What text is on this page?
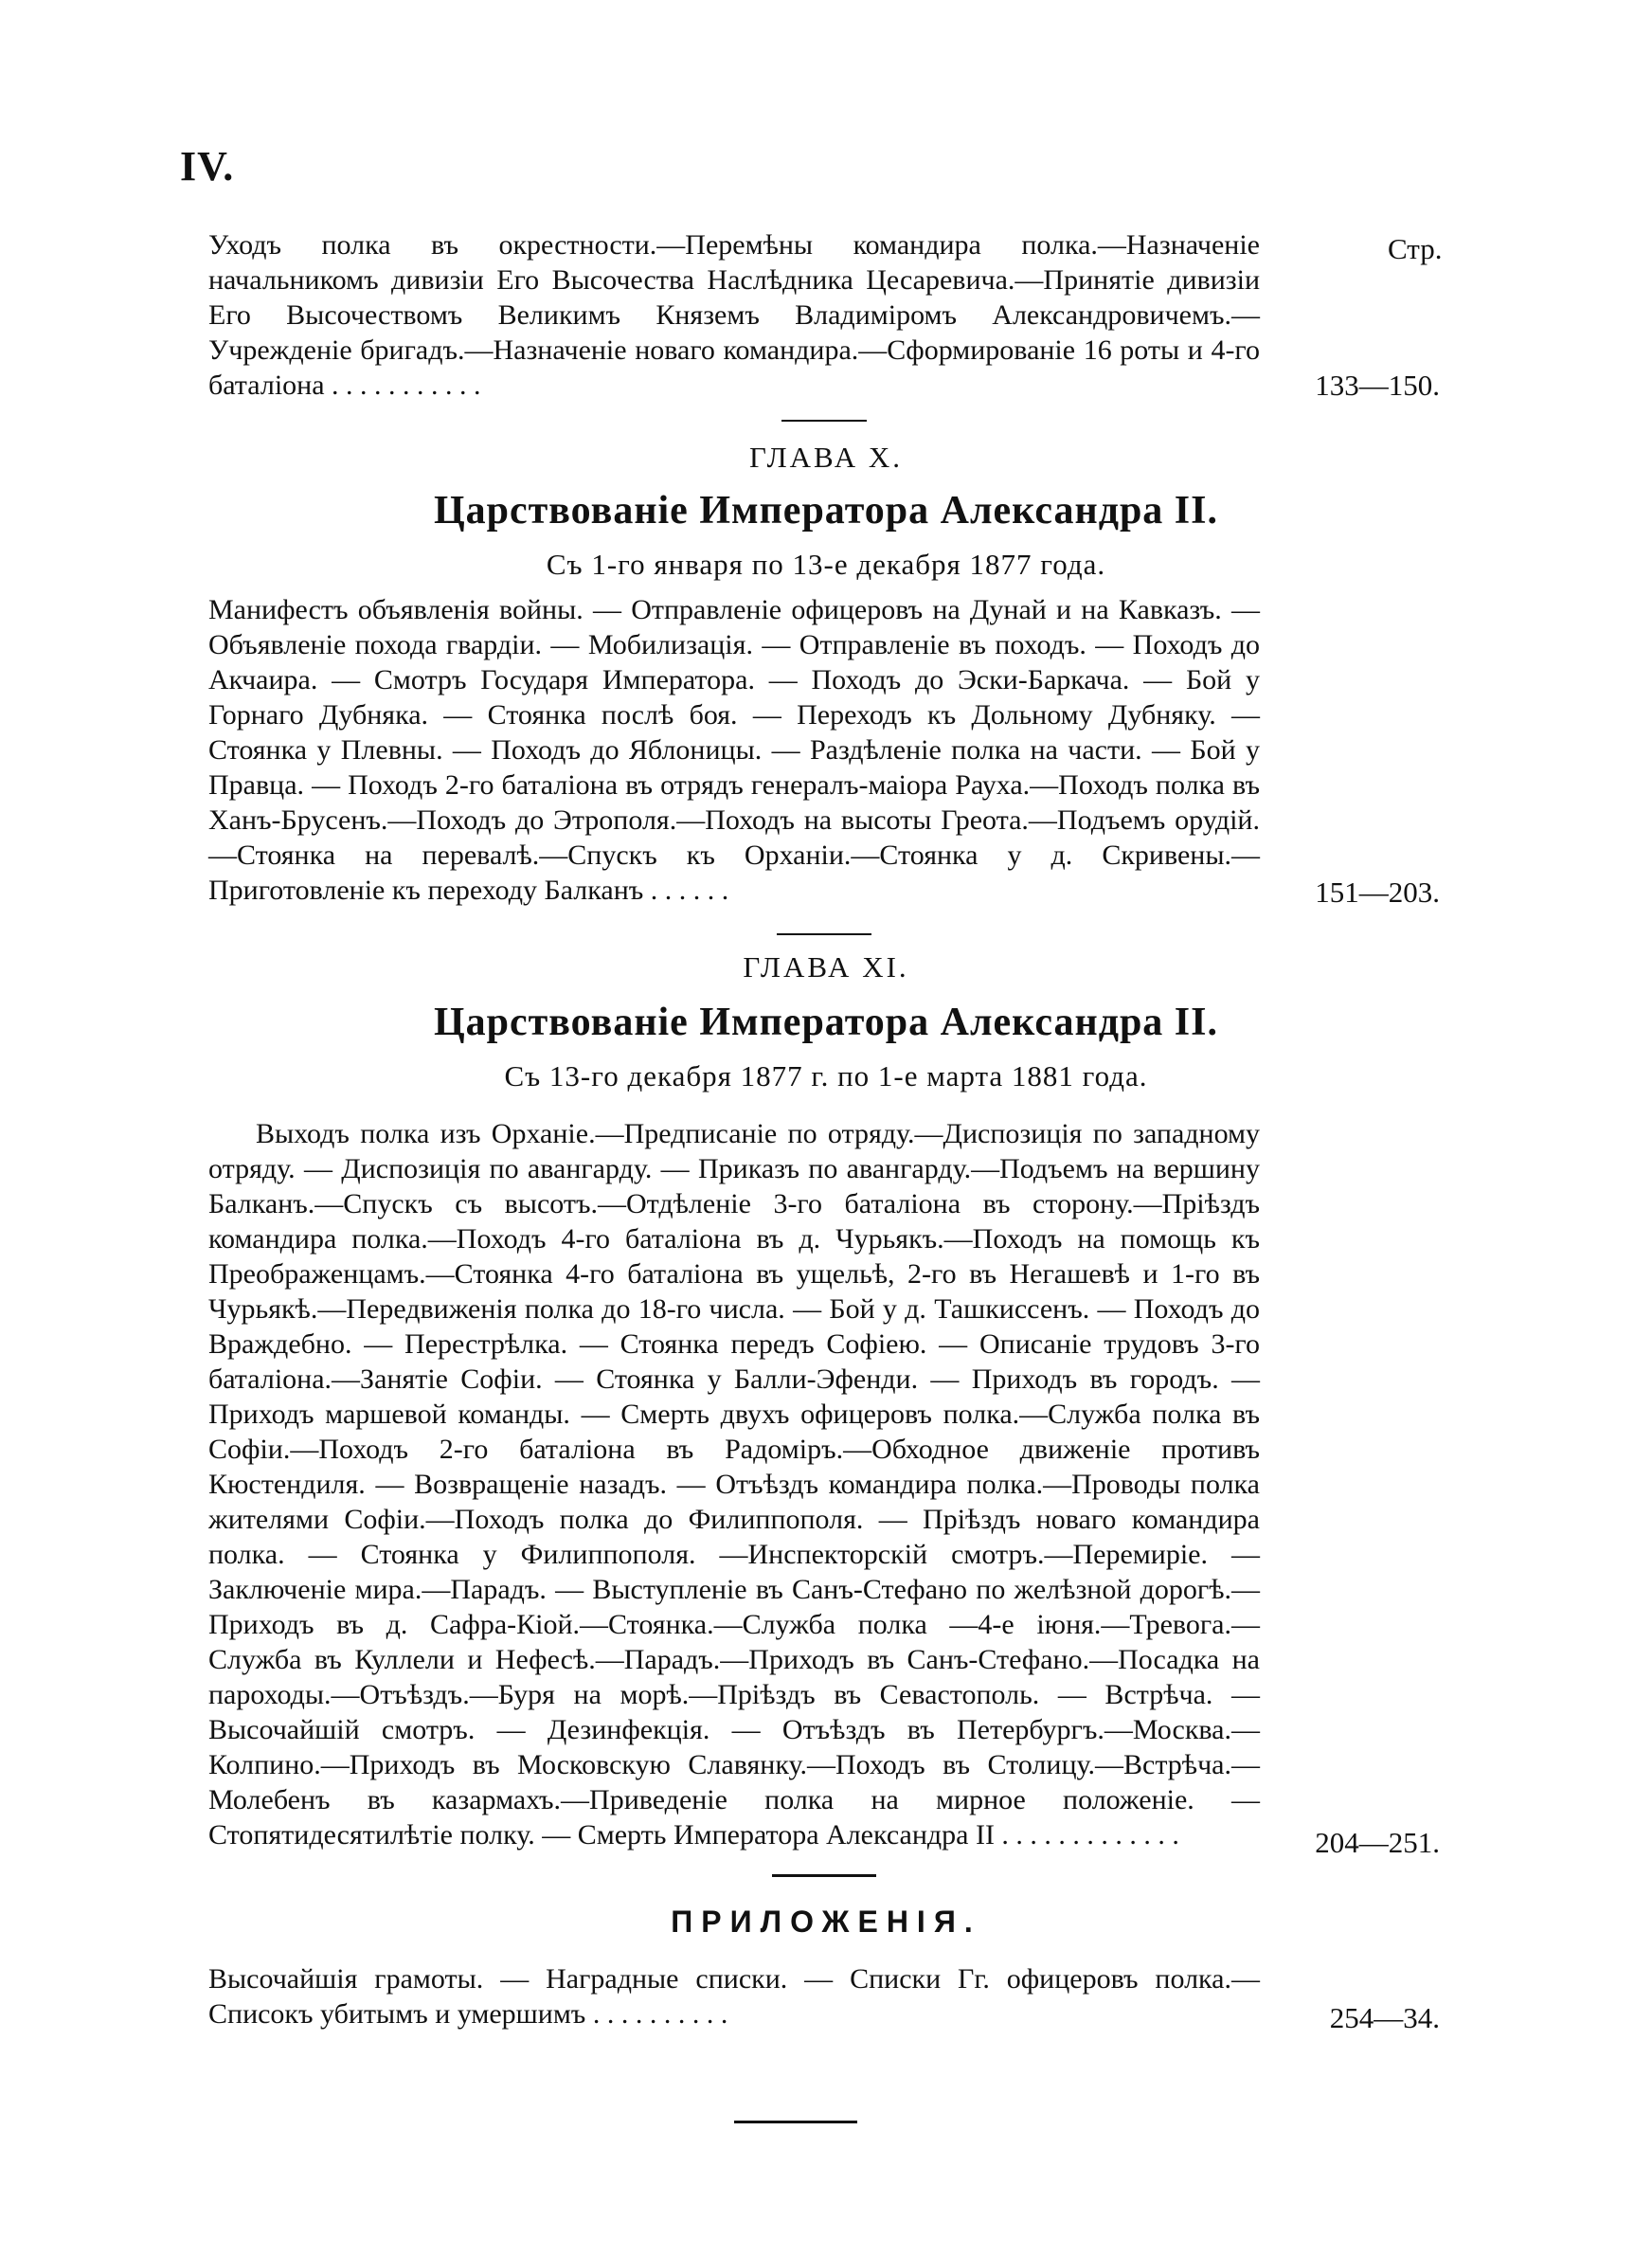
IV.
Стр.
Уходъ полка въ окрестности.—Перемѣны командира полка.—Назначеніе начальникомъ дивизіи Его Высочества Наслѣдника Цесаревича.—Принятіе дивизіи Его Высочествомъ Великимъ Княземъ Владиміромъ Александровичемъ.—Учрежденіе бригадъ.—Назначеніе новаго командира.—Сформированіе 16 роты и 4-го баталіона . . . . . . . . . . .	133—150.
ГЛАВА X.
Царствованіе Императора Александра II.
Съ 1-го января по 13-е декабря 1877 года.
Манифестъ объявленія войны. — Отправленіе офицеровъ на Дунай и на Кавказъ. — Объявленіе похода гвардіи. — Мобилизація. — Отправленіе въ походъ. — Походъ до Акчаира. — Смотръ Государя Императора. — Походъ до Эски-Баркача. — Бой у Горнаго Дубняка. — Стоянка послѣ боя. — Переходъ къ Дольному Дубняку. — Стоянка у Плевны. — Походъ до Яблоницы. — Раздѣленіе полка на части. — Бой у Правца. — Походъ 2-го баталіона въ отрядъ генералъ-маіора Рауха.—Походъ полка въ Ханъ-Брусенъ.—Походъ до Этрополя.—Походъ на высоты Греота.—Подъемъ орудій.—Стоянка на перевалѣ.—Спускъ къ Орханіи.—Стоянка у д. Скривены.—Приготовленіе къ переходу Балканъ . . . . . .	151—203.
ГЛАВА XI.
Царствованіе Императора Александра II.
Съ 13-го декабря 1877 г. по 1-е марта 1881 года.
Выходъ полка изъ Орханіе.—Предписаніе по отряду.—Диспозиція по западному отряду. — Диспозиція по авангарду. — Приказъ по авангарду.—Подъемъ на вершину Балканъ.—Спускъ съ высотъ.—Отдѣленіе 3-го баталіона въ сторону.—Пріѣздъ командира полка.—Походъ 4-го баталіона въ д. Чурьякъ.—Походъ на помощь къ Преображенцамъ.—Стоянка 4-го баталіона въ ущельѣ, 2-го въ Негашевѣ и 1-го въ Чурьякѣ.—Передвиженія полка до 18-го числа. — Бой у д. Ташкиссенъ. — Походъ до Враждебно. — Перестрѣлка. — Стоянка передъ Софіею. — Описаніе трудовъ 3-го баталіона.—Занятіе Софіи. — Стоянка у Балли-Эфенди. — Приходъ въ городъ. — Приходъ маршевой команды. — Смерть двухъ офицеровъ полка.—Служба полка въ Софіи.—Походъ 2-го баталіона въ Радоміръ.—Обходное движеніе противъ Кюстендиля. — Возвращеніе назадъ. — Отъѣздъ командира полка.—Проводы полка жителями Софіи.—Походъ полка до Филиппополя. — Пріѣздъ новаго командира полка. — Стоянка у Филиппополя. —Инспекторскій смотръ.—Перемиріе. — Заключеніе мира.—Парадъ. — Выступленіе въ Санъ-Стефано по желѣзной дорогѣ.—Приходъ въ д. Сафра-Кіой.—Стоянка.—Служба полка —4-е іюня.—Тревога.—Служба въ Куллели и Нефесѣ.—Парадъ.—Приходъ въ Санъ-Стефано.—Посадка на пароходы.—Отъѣздъ.—Буря на морѣ.—Пріѣздъ въ Севастополь. — Встрѣча. — Высочайшій смотръ. — Дезинфекція. — Отъѣздъ въ Петербургъ.—Москва.—Колпино.—Приходъ въ Московскую Славянку.—Походъ въ Столицу.—Встрѣча.—Молебенъ въ казармахъ.—Приведеніе полка на мирное положеніе. — Стопятидесятилѣтіе полку. — Смерть Императора Александра II . . . . . . . . . . . . .	204—251.
ПРИЛОЖЕНІЯ.
Высочайшія грамоты. — Наградные списки. — Списки Гг. офицеровъ полка.—Списокъ убитымъ и умершимъ . . . . . . . . . .	254—34.
